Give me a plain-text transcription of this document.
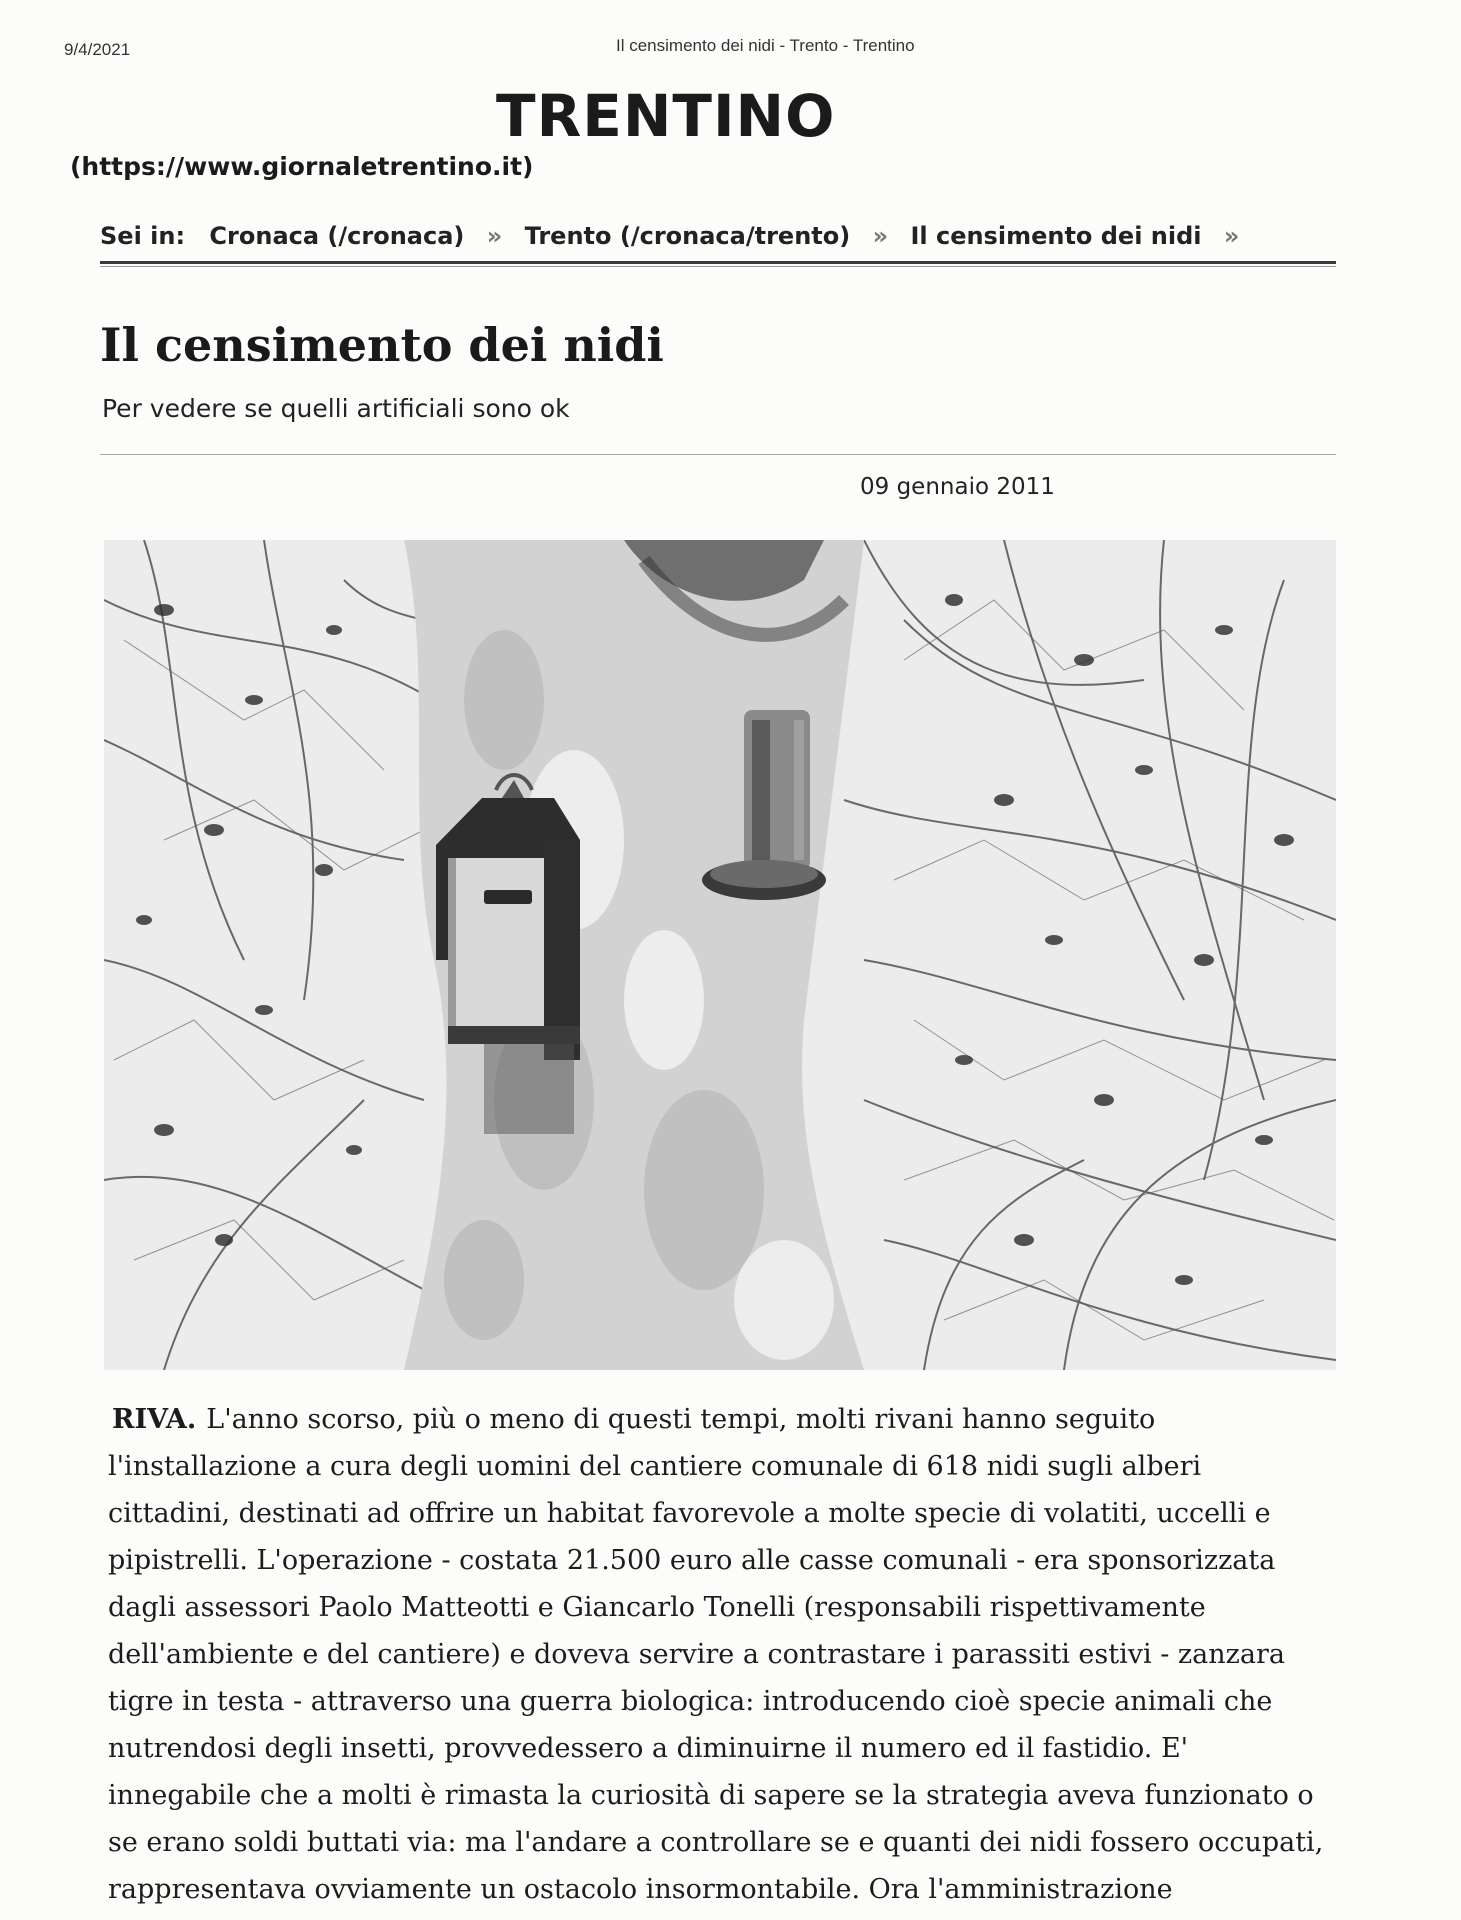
9/4/2021	Il censimento dei nidi - Trento - Trentino
TRENTINO
(https://www.giornaletrentino.it)
Sei in: Cronaca (/cronaca) » Trento (/cronaca/trento) » Il censimento dei nidi »
Il censimento dei nidi
Per vedere se quelli artificiali sono ok
09 gennaio 2011
RIVA. L'anno scorso, più o meno di questi tempi, molti rivani hanno seguito
l'installazione a cura degli uomini del cantiere comunale di 618 nidi sugli alberi
cittadini, destinati ad offrire un habitat favorevole a molte specie di volatiti, uccelli e
pipistrelli. L'operazione - costata 21.500 euro alle casse comunali - era sponsorizzata
dagli assessori Paolo Matteotti e Giancarlo Tonelli (responsabili rispettivamente
dell'ambiente e del cantiere) e doveva servire a contrastare i parassiti estivi - zanzara
tigre in testa - attraverso una guerra biologica: introducendo cioè specie animali che
nutrendosi degli insetti, provvedessero a diminuirne il numero ed il fastidio. E'
innegabile che a molti è rimasta la curiosità di sapere se la strategia aveva funzionato o
se erano soldi buttati via: ma l'andare a controllare se e quanti dei nidi fossero occupati,
rappresentava ovviamente un ostacolo insormontabile. Ora l'amministrazione
